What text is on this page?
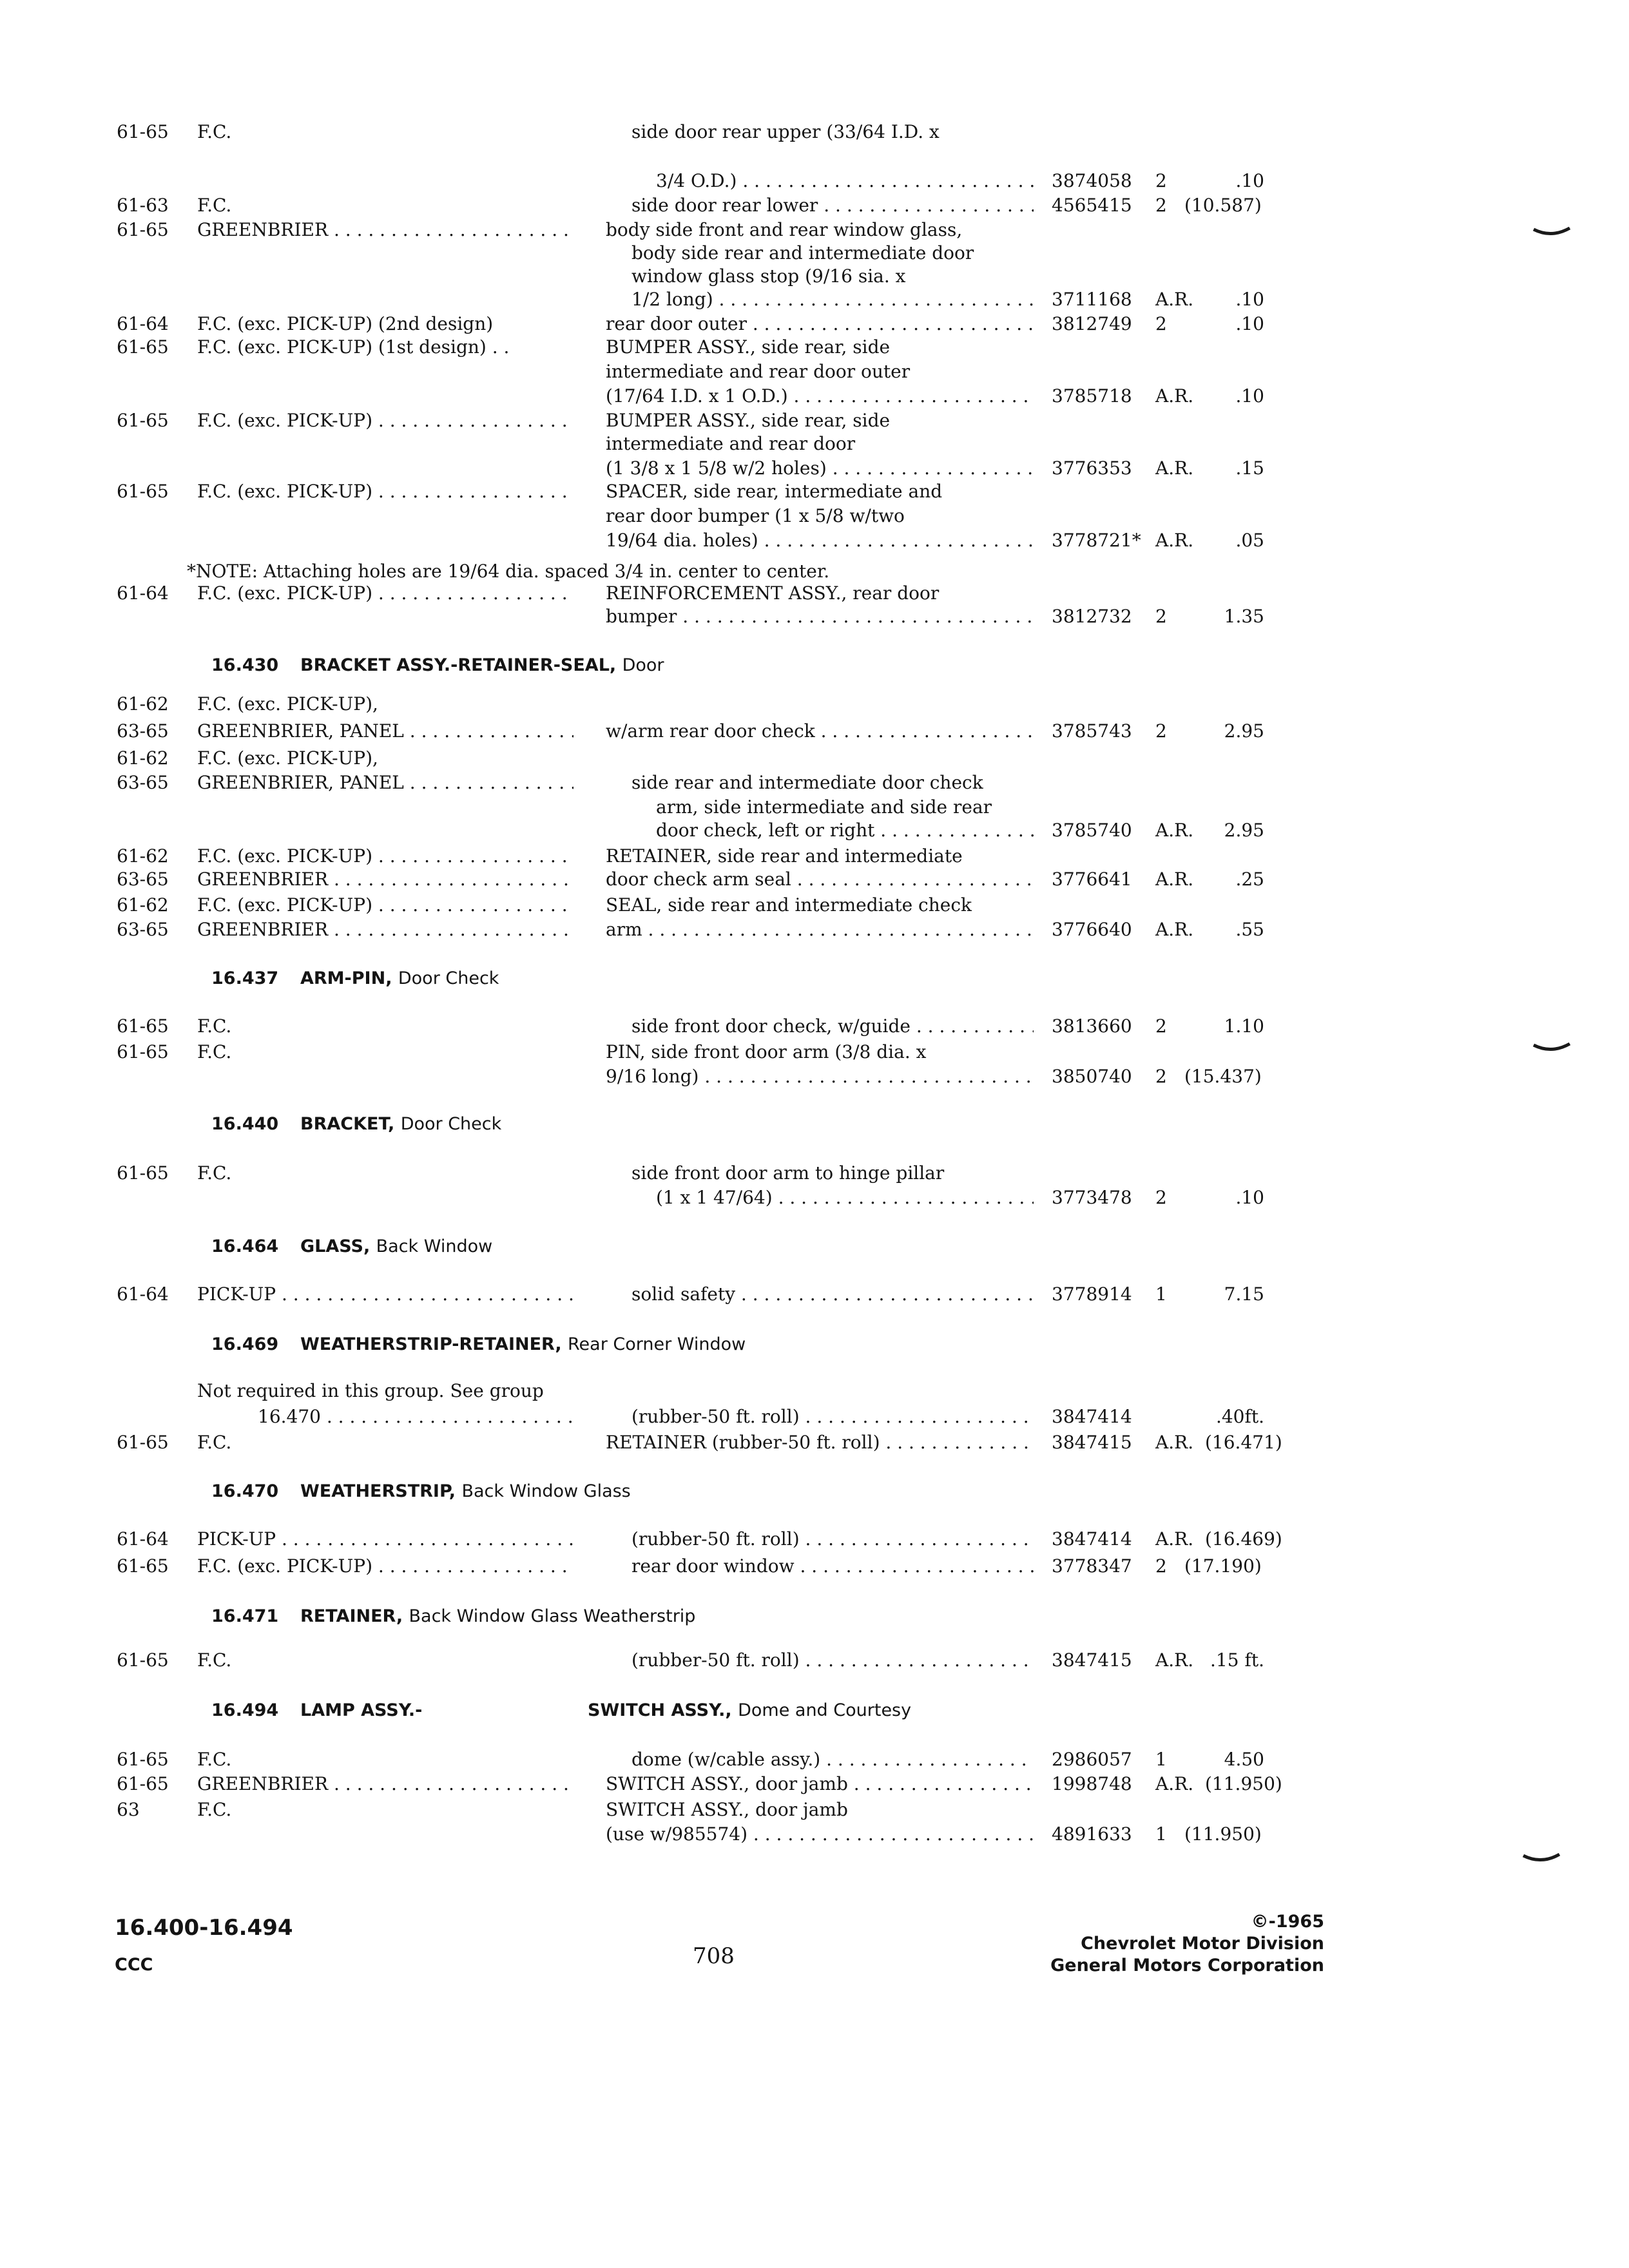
61-65 F.C.	side door rear upper (33/64 I.D. x
3/4 O.D.) . . .	3874058 2	.10
61-63 F.C.	side door rear lower . . .	4565415 2 (10.587)
61-65 GREENBRIER . . .	body side front and rear window glass,
body side rear and intermediate door
window glass stop (9/16 sia. x
1/2 long) . . .	3711168 A.R.	.10
61-64 F.C. (exc. PICK-UP) (2nd design)	rear door outer . . .	3812749 2	.10
61-65 F.C. (exc. PICK-UP) (1st design) . .	BUMPER ASSY., side rear, side
intermediate and rear door outer
(17/64 I.D. x 1 O.D.) . . .	3785718 A.R.	.10
61-65 F.C. (exc. PICK-UP) . . .	BUMPER ASSY., side rear, side
intermediate and rear door
(1 3/8 x 1 5/8 w/2 holes) . . .	3776353 A.R.	.15
61-65 F.C. (exc. PICK-UP) . . .	SPACER, side rear, intermediate and
rear door bumper (1 x 5/8 w/two
19/64 dia. holes) . . .	3778721* A.R.	.05
*NOTE: Attaching holes are 19/64 dia. spaced 3/4 in. center to center.
61-64 F.C. (exc. PICK-UP) . . .	REINFORCEMENT ASSY., rear door
bumper . . .	3812732 2	1.35
16.430 BRACKET ASSY.-RETAINER-SEAL, Door
61-62 F.C. (exc. PICK-UP),
63-65 GREENBRIER, PANEL . . .	w/arm rear door check . . .	3785743 2	2.95
61-62 F.C. (exc. PICK-UP),
63-65 GREENBRIER, PANEL . . .	side rear and intermediate door check
arm, side intermediate and side rear
door check, left or right . . .	3785740 A.R.	2.95
61-62 F.C. (exc. PICK-UP) . . .	RETAINER, side rear and intermediate
63-65 GREENBRIER . . .	door check arm seal . . .	3776641 A.R.	.25
61-62 F.C. (exc. PICK-UP) . . .	SEAL, side rear and intermediate check
63-65 GREENBRIER . . .	arm . . .	3776640 A.R.	.55
16.437 ARM-PIN, Door Check
61-65 F.C.	side front door check, w/guide . . .	3813660 2	1.10
61-65 F.C.	PIN, side front door arm (3/8 dia. x
9/16 long) . . .	3850740 2 (15.437)
16.440 BRACKET, Door Check
61-65 F.C.	side front door arm to hinge pillar
(1 x 1 47/64) . . .	3773478 2	.10
16.464 GLASS, Back Window
61-64 PICK-UP . . .	solid safety . . .	3778914 1	7.15
16.469 WEATHERSTRIP-RETAINER, Rear Corner Window
Not required in this group. See group
16.470 . . .	(rubber-50 ft. roll) . . .	3847414	.40ft.
61-65 F.C.	RETAINER (rubber-50 ft. roll) . . .	3847415 A.R. (16.471)
16.470 WEATHERSTRIP, Back Window Glass
61-64 PICK-UP . . .	(rubber-50 ft. roll) . . .	3847414 A.R. (16.469)
61-65 F.C. (exc. PICK-UP) . . .	rear door window . . .	3778347 2 (17.190)
16.471 RETAINER, Back Window Glass Weatherstrip
61-65 F.C.	(rubber-50 ft. roll) . . .	3847415 A.R. .15 ft.
16.494 LAMP ASSY.-	SWITCH ASSY., Dome and Courtesy
61-65 F.C.	dome (w/cable assy.) . . .	2986057 1	4.50
61-65 GREENBRIER . . .	SWITCH ASSY., door jamb . . .	1998748 A.R. (11.950)
63	F.C.	SWITCH ASSY., door jamb
(use w/985574) . . .	4891633 1 (11.950)
16.400-16.494
CCC	708
©-1965
Chevrolet Motor Division
General Motors Corporation
